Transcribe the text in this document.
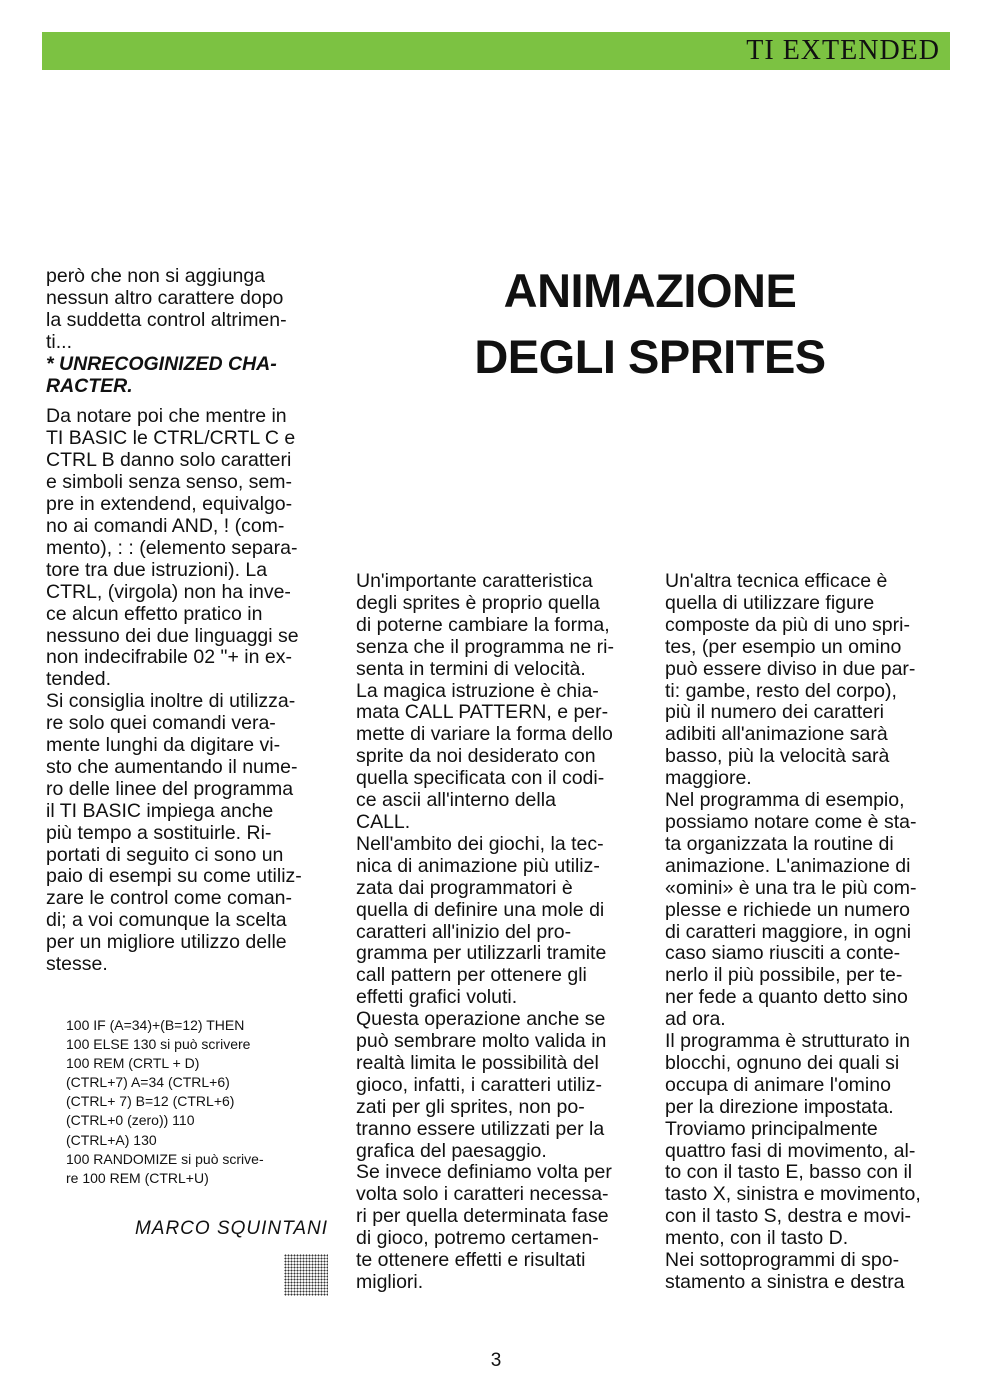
TI EXTENDED

però che non si aggiunga

nessun altro carattere dopo

la suddetta control altrimen-

ti...

* UNRECOGINIZED CHA-

RACTER.

Da notare poi che mentre in

TI BASIC le CTRL/CRTL C e

CTRL B danno solo caratteri

e simboli senza senso, sem-

pre in extendend, equivalgo-

no ai comandi AND, ! (com-

mento), : : (elemento separa-

tore tra due istruzioni). La

CTRL, (virgola) non ha inve-

ce alcun effetto pratico in

nessuno dei due linguaggi se

non indecifrabile 02 "+ in ex-

tended.

Si consiglia inoltre di utilizza-

re solo quei comandi vera-

mente lunghi da digitare vi-

sto che aumentando il nume-

ro delle linee del programma

il TI BASIC impiega anche

più tempo a sostituirle. Ri-

portati di seguito ci sono un

paio di esempi su come utiliz-

zare le control come coman-

di; a voi comunque la scelta

per un migliore utilizzo delle

stesse.

100 IF (A=34)+(B=12) THEN

100 ELSE 130 si può scrivere

100 REM (CRTL + D)

(CTRL+7) A=34 (CTRL+6)

(CTRL+ 7) B=12 (CTRL+6)

(CTRL+0 (zero)) 110

(CTRL+A) 130

100 RANDOMIZE si può scrive-

re 100 REM (CTRL+U)

MARCO SQUINTANI
ANIMAZIONE
DEGLI SPRITES

Un'importante caratteristica

degli sprites è proprio quella

di poterne cambiare la forma,

senza che il programma ne ri-

senta in termini di velocità.

La magica istruzione è chia-

mata CALL PATTERN, e per-

mette di variare la forma dello

sprite da noi desiderato con

quella specificata con il codi-

ce ascii all'interno della

CALL.

Nell'ambito dei giochi, la tec-

nica di animazione più utiliz-

zata dai programmatori è

quella di definire una mole di

caratteri all'inizio del pro-

gramma per utilizzarli tramite

call pattern per ottenere gli

effetti grafici voluti.

Questa operazione anche se

può sembrare molto valida in

realtà limita le possibilità del

gioco, infatti, i caratteri utiliz-

zati per gli sprites, non po-

tranno essere utilizzati per la

grafica del paesaggio.

Se invece definiamo volta per

volta solo i caratteri necessa-

ri per quella determinata fase

di gioco, potremo certamen-

te ottenere effetti e risultati

migliori.

Un'altra tecnica efficace è

quella di utilizzare figure

composte da più di uno spri-

tes, (per esempio un omino

può essere diviso in due par-

ti: gambe, resto del corpo),

più il numero dei caratteri

adibiti all'animazione sarà

basso, più la velocità sarà

maggiore.

Nel programma di esempio,

possiamo notare come è sta-

ta organizzata la routine di

animazione. L'animazione di

«omini» è una tra le più com-

plesse e richiede un numero

di caratteri maggiore, in ogni

caso siamo riusciti a conte-

nerlo il più possibile, per te-

ner fede a quanto detto sino

ad ora.

Il programma è strutturato in

blocchi, ognuno dei quali si

occupa di animare l'omino

per la direzione impostata.

Troviamo principalmente

quattro fasi di movimento, al-

to con il tasto E, basso con il

tasto X, sinistra e movimento,

con il tasto S, destra e movi-

mento, con il tasto D.

Nei sottoprogrammi di spo-

stamento a sinistra e destra

3
